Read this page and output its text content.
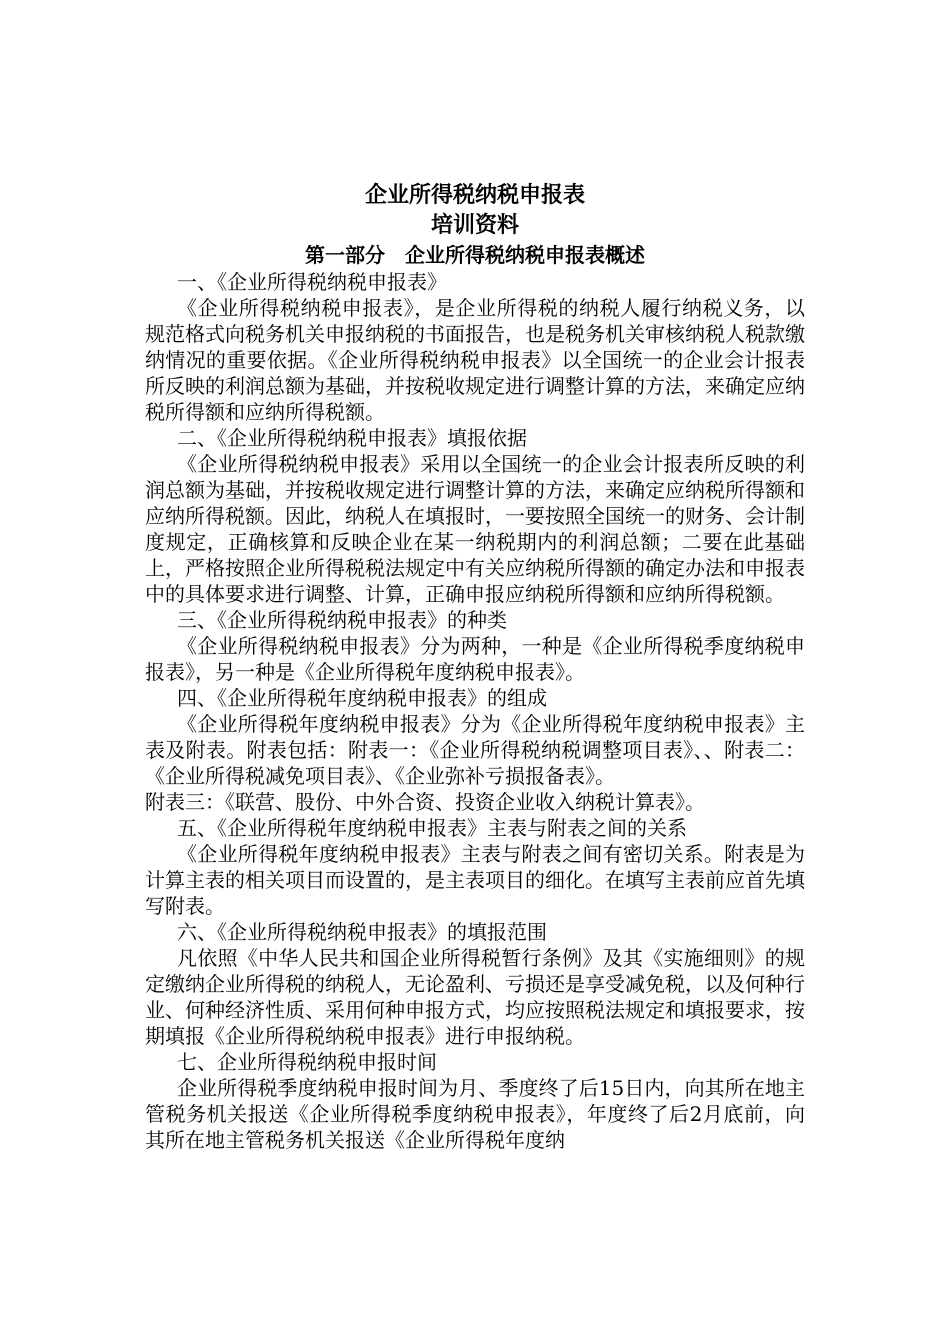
企业所得税纳税申报表

培训资料

第一部分　企业所得税纳税申报表概述

一、《企业所得税纳税申报表》

《企业所得税纳税申报表》，是企业所得税的纳税人履行纳税义务，以规范格式向税务机关申报纳税的书面报告，也是税务机关审核纳税人税款缴纳情况的重要依据。《企业所得税纳税申报表》以全国统一的企业会计报表所反映的利润总额为基础，并按税收规定进行调整计算的方法，来确定应纳税所得额和应纳所得税额。

二、《企业所得税纳税申报表》填报依据

《企业所得税纳税申报表》采用以全国统一的企业会计报表所反映的利润总额为基础，并按税收规定进行调整计算的方法，来确定应纳税所得额和应纳所得税额。因此，纳税人在填报时，一要按照全国统一的财务、会计制度规定，正确核算和反映企业在某一纳税期内的利润总额；二要在此基础上，严格按照企业所得税税法规定中有关应纳税所得额的确定办法和申报表中的具体要求进行调整、计算，正确申报应纳税所得额和应纳所得税额。

三、《企业所得税纳税申报表》的种类

《企业所得税纳税申报表》分为两种，一种是《企业所得税季度纳税申报表》，另一种是《企业所得税年度纳税申报表》。

四、《企业所得税年度纳税申报表》的组成

《企业所得税年度纳税申报表》分为《企业所得税年度纳税申报表》主表及附表。附表包括：附表一：《企业所得税纳税调整项目表》、、附表二：《企业所得税减免项目表》、《企业弥补亏损报备表》。

附表三：《联营、股份、中外合资、投资企业收入纳税计算表》。

五、《企业所得税年度纳税申报表》主表与附表之间的关系

《企业所得税年度纳税申报表》主表与附表之间有密切关系。附表是为计算主表的相关项目而设置的，是主表项目的细化。在填写主表前应首先填写附表。

六、《企业所得税纳税申报表》的填报范围

凡依照《中华人民共和国企业所得税暂行条例》及其《实施细则》的规定缴纳企业所得税的纳税人，无论盈利、亏损还是享受减免税，以及何种行业、何种经济性质、采用何种申报方式，均应按照税法规定和填报要求，按期填报《企业所得税纳税申报表》进行申报纳税。

七、企业所得税纳税申报时间

企业所得税季度纳税申报时间为月、季度终了后15日内，向其所在地主管税务机关报送《企业所得税季度纳税申报表》，年度终了后2月底前，向其所在地主管税务机关报送《企业所得税年度纳
